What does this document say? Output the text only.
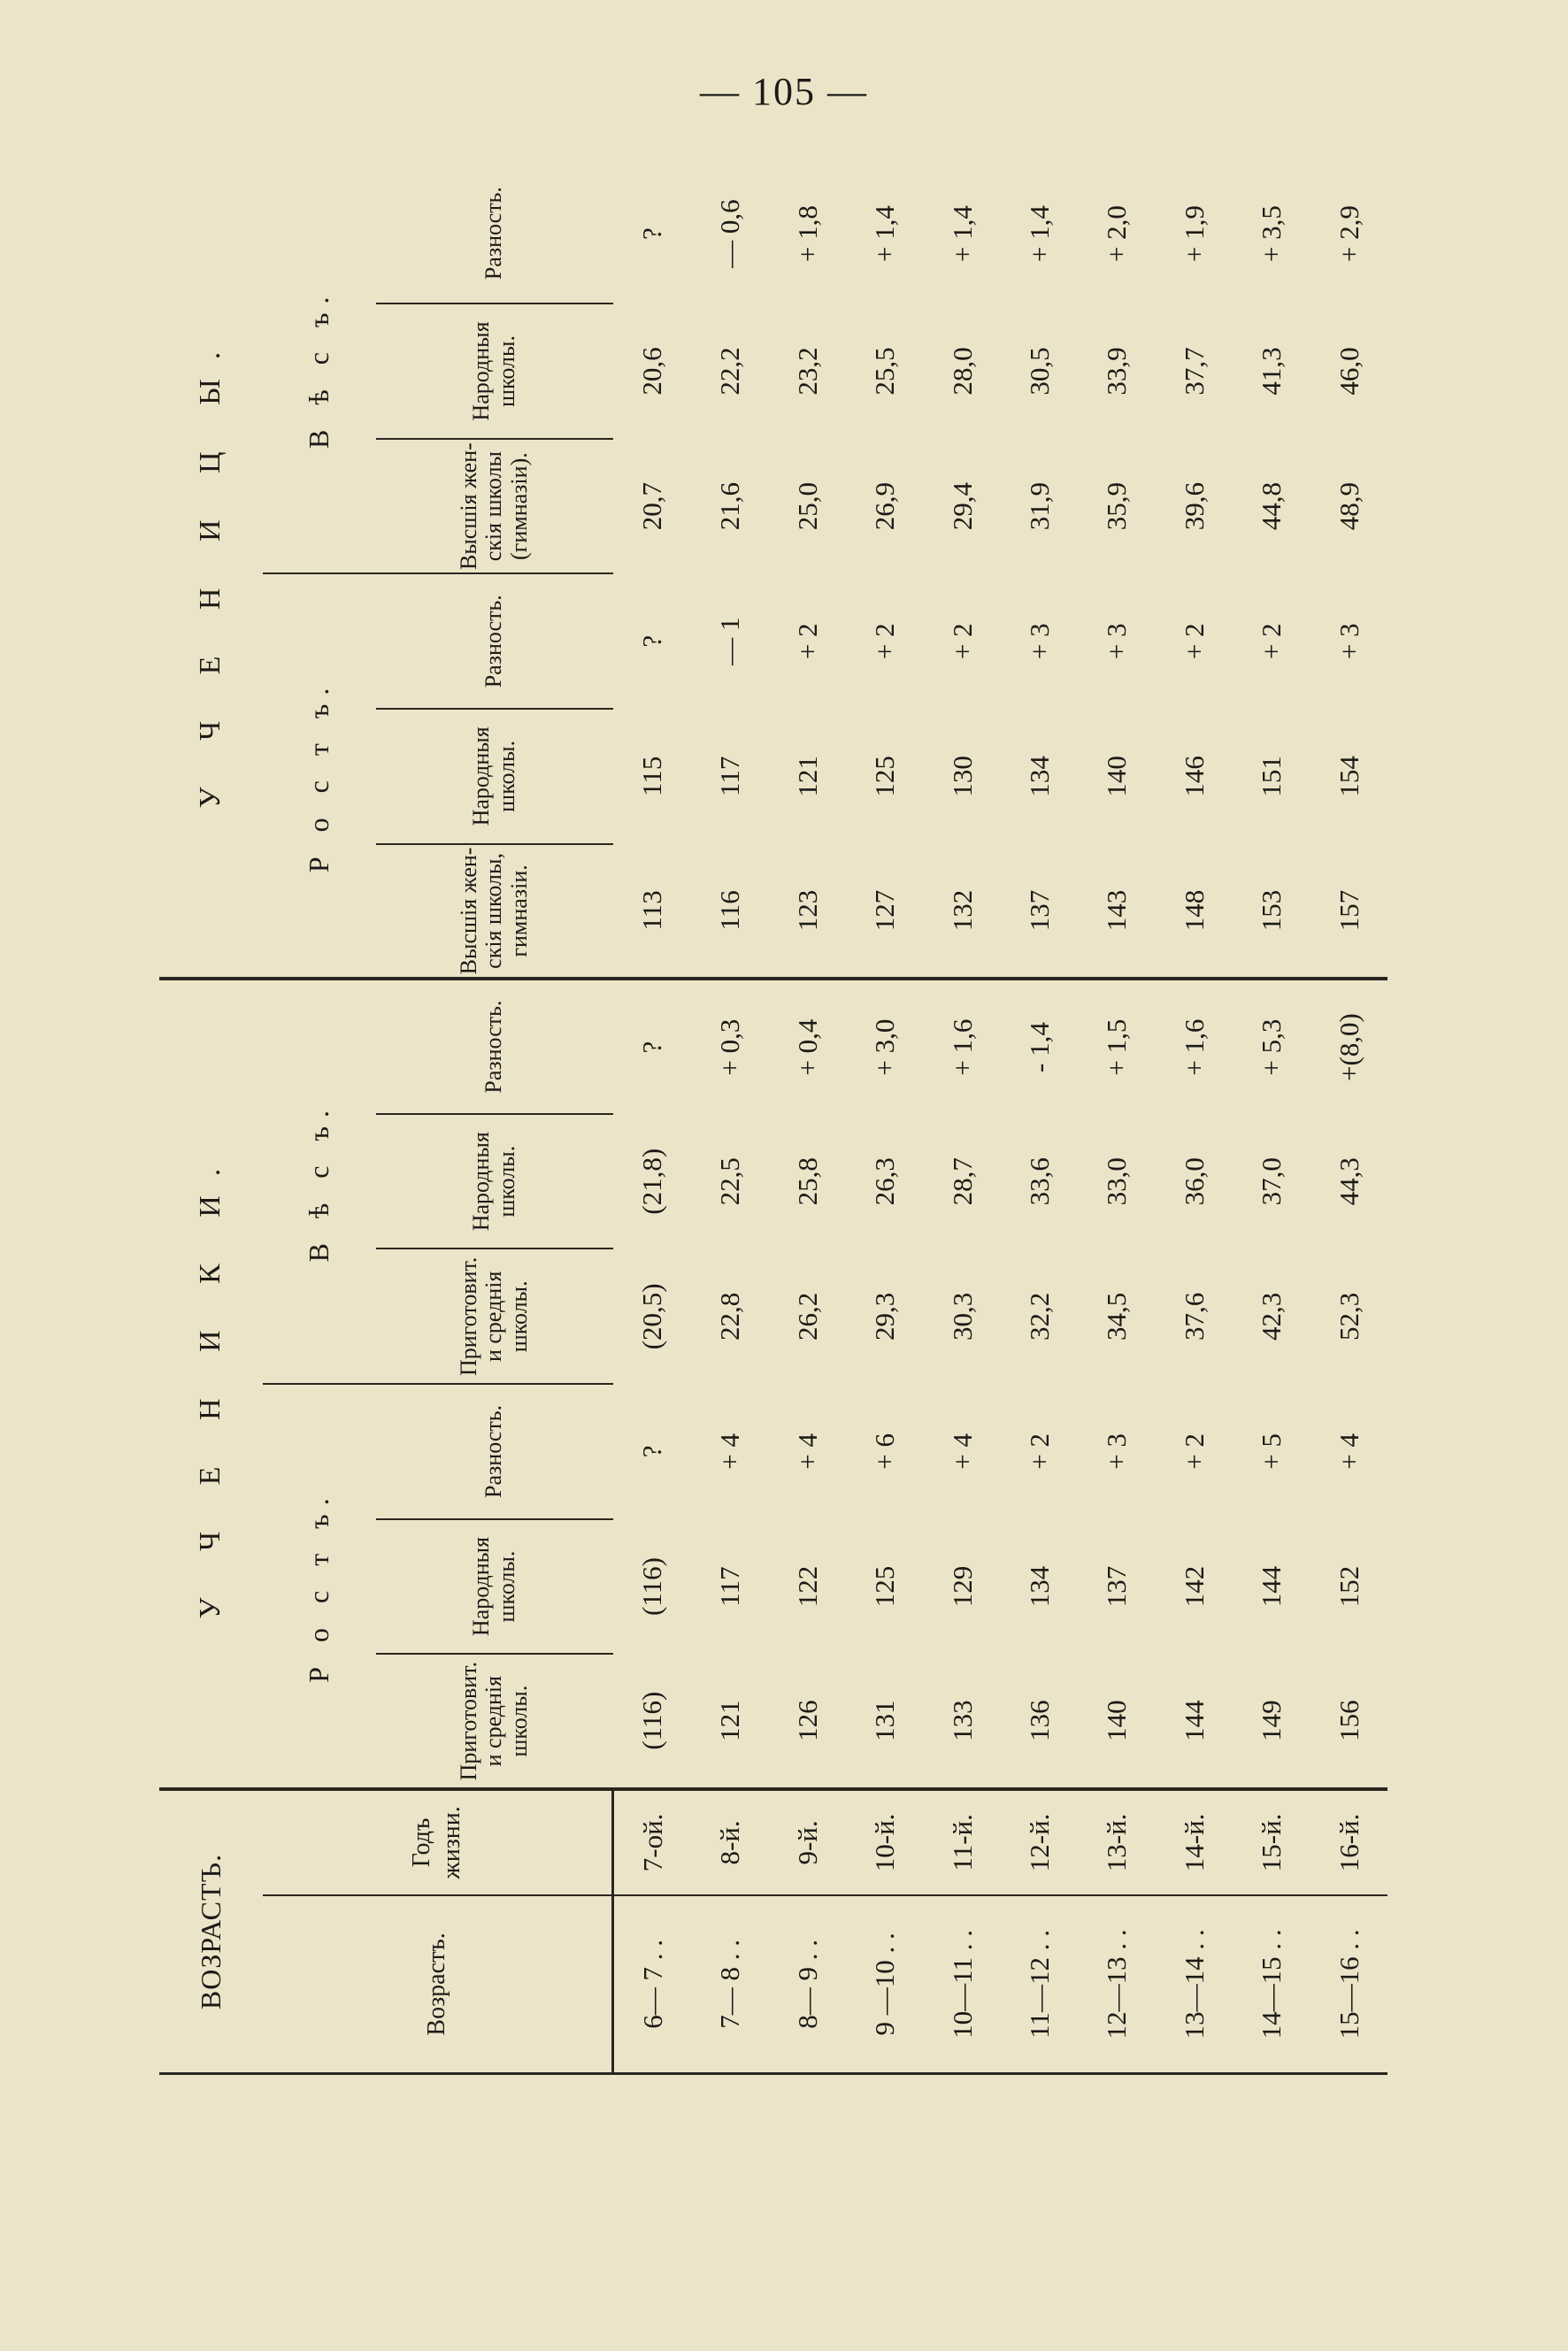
— 105 —
ВОЗРАСТЪ.		У Ч Е Н И К И.						У Ч Е Н И Ц Ы.					
Возрастъ.	Годъ жизни.	Р о с т ъ.			В ѣ с ъ.			Р о с т ъ.			В ѣ с ъ.		
		Приготовит. и среднія школы.	Народныя школы.	Разность.	Приготовит. и среднія школы.	Народныя школы.	Разность.	Высшія жен-скія школы, гимназіи.	Народныя школы.	Разность.	Высшія жен-скія школы (гимназіи).	Народныя школы.	Разность.
6— 7 . .	7-ой.	(116)	(116)	?	(20,5)	(21,8)	?	113	115	?	20,7	20,6	?
7— 8 . .	8-й.	121	117	+ 4	22,8	22,5	+ 0,3	116	117	— 1	21,6	22,2	— 0,6
8— 9 . .	9-й.	126	122	+ 4	26,2	25,8	+ 0,4	123	121	+ 2	25,0	23,2	+ 1,8
9 —10 . .	10-й.	131	125	+ 6	29,3	26,3	+ 3,0	127	125	+ 2	26,9	25,5	+ 1,4
10—11 . .	11-й.	133	129	+ 4	30,3	28,7	+ 1,6	132	130	+ 2	29,4	28,0	+ 1,4
11—12 . .	12-й.	136	134	+ 2	32,2	33,6	- 1,4	137	134	+ 3	31,9	30,5	+ 1,4
12—13 . .	13-й.	140	137	+ 3	34,5	33,0	+ 1,5	143	140	+ 3	35,9	33,9	+ 2,0
13—14 . .	14-й.	144	142	+ 2	37,6	36,0	+ 1,6	148	146	+ 2	39,6	37,7	+ 1,9
14—15 . .	15-й.	149	144	+ 5	42,3	37,0	+ 5,3	153	151	+ 2	44,8	41,3	+ 3,5
15—16 . .	16-й.	156	152	+ 4	52,3	44,3	+(8,0)	157	154	+ 3	48,9	46,0	+ 2,9
